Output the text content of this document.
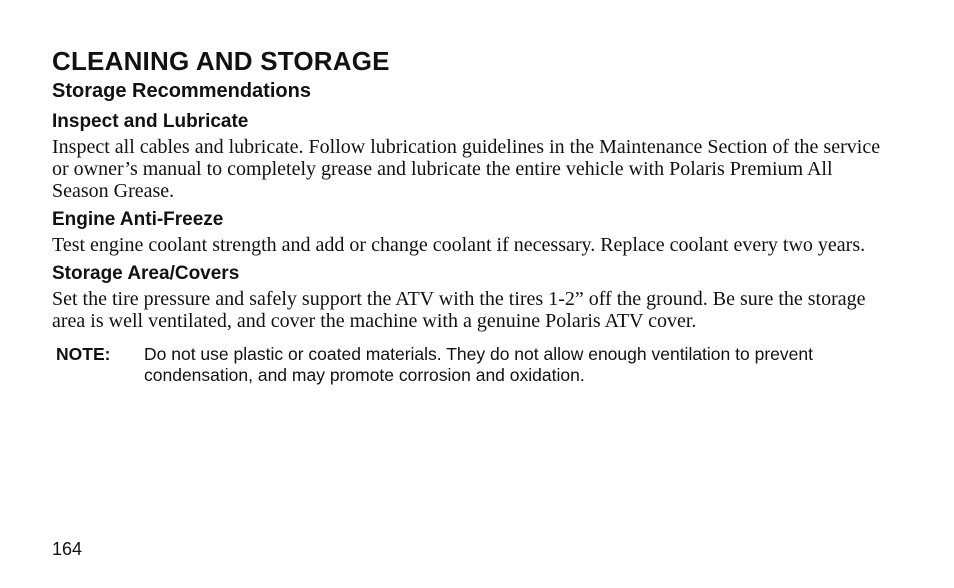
CLEANING AND STORAGE
Storage Recommendations
Inspect and Lubricate

Inspect all cables and lubricate. Follow lubrication guidelines in the Maintenance Section of the service or owner’s manual to completely grease and lubricate the entire vehicle with Polaris Premium All Season Grease.

Engine Anti-Freeze

Test engine coolant strength and add or change coolant if necessary. Replace coolant every two years.

Storage Area/Covers

Set the tire pressure and safely support the ATV with the tires 1-2” off the ground. Be sure the storage area is well ventilated, and cover the machine with a genuine Polaris ATV cover.

NOTE:	Do not use plastic or coated materials. They do not allow enough ventilation to prevent condensation, and may promote corrosion and oxidation.
164
